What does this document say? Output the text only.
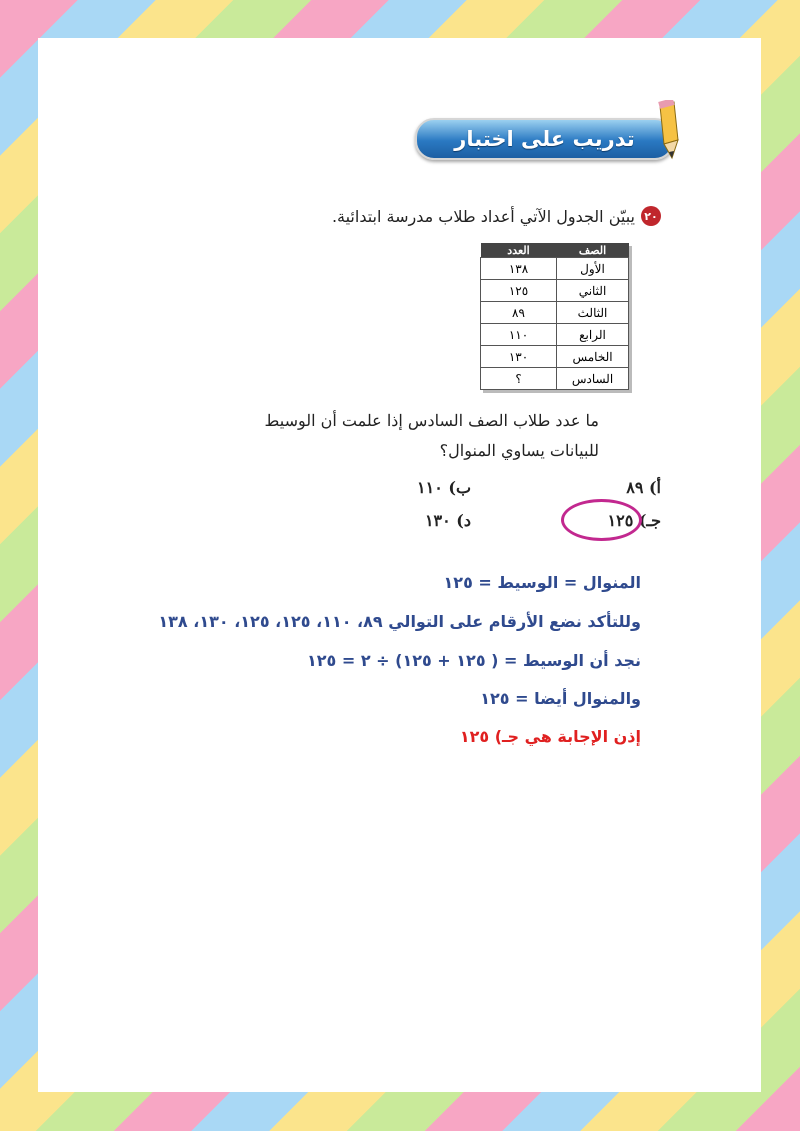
تدريب على اختبار
٢٠
يبيّن الجدول الآتي أعداد طلاب مدرسة ابتدائية.
الصف	العدد
الأول	١٣٨
الثاني	١٢٥
الثالث	٨٩
الرابع	١١٠
الخامس	١٣٠
السادس	؟
ما عدد طلاب الصف السادس إذا علمت أن الوسيط
للبيانات يساوي المنوال؟
أ) ٨٩
ب) ١١٠
جـ) ١٢٥
د) ١٣٠
المنوال = الوسيط = ١٢٥
وللتأكد نضع الأرقام على التوالي ٨٩، ١١٠، ١٢٥، ١٢٥، ١٣٠، ١٣٨
نجد أن الوسيط = ( ١٢٥ + ١٢٥) ÷ ٢ = ١٢٥
والمنوال أيضا = ١٢٥
إذن الإجابة هي جـ) ١٢٥
